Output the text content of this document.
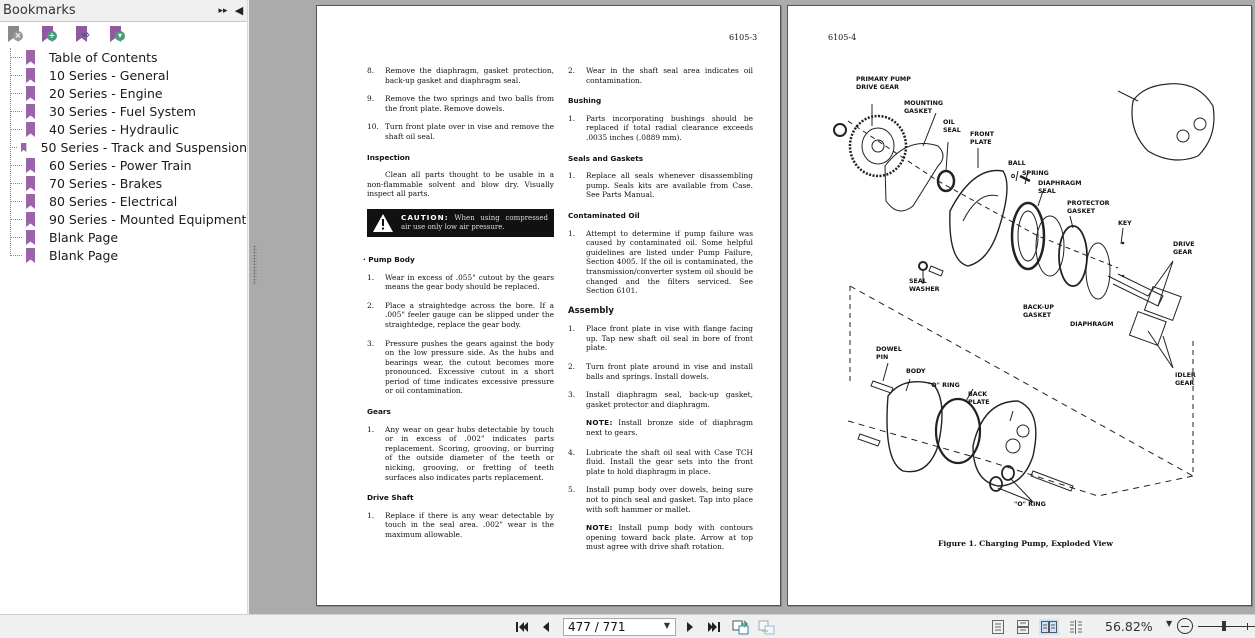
Bookmarks	▸▸ ◀
×	+	⇨	▾
Table of Contents
10 Series - General
20 Series - Engine
30 Series - Fuel System
40 Series - Hydraulic
50 Series - Track and Suspension
60 Series - Power Train
70 Series - Brakes
80 Series - Electrical
90 Series - Mounted Equipment
Blank Page
Blank Page
6105-3
8.	Remove the diaphragm, gasket protection, back-up gasket and diaphragm seal.
9.	Remove the two springs and two balls from the front plate. Remove dowels.
10. Turn front plate over in vise and remove the shaft oil seal.
Inspection
Clean all parts thought to be usable in a non-flammable solvent and blow dry. Visually inspect all parts.
CAUTION: When using compressed air use only low air pressure.
· Pump Body
1.	Wear in excess of .055" cutout by the gears means the gear body should be replaced.
2.	Place a straightedge across the bore. If a .005" feeler gauge can be slipped under the straightedge, replace the gear body.
3.	Pressure pushes the gears against the body on the low pressure side. As the hubs and bearings wear, the cutout becomes more pronounced. Excessive cutout in a short period of time indicates excessive pressure or oil contamination.
Gears
1.	Any wear on gear hubs detectable by touch or in excess of .002" indicates parts replacement. Scoring, grooving, or burring of the outside diameter of the teeth or nicking, grooving, or fretting of teeth surfaces also indicates parts replacement.
Drive Shaft
1.	Replace if there is any wear detectable by touch in the seal area. .002" wear is the maximum allowable.
2.	Wear in the shaft seal area indicates oil contamination.
Bushing
1.	Parts incorporating bushings should be replaced if total radial clearance exceeds .0035 inches (.0889 mm).
Seals and Gaskets
1.	Replace all seals whenever disassembling pump. Seals kits are available from Case. See Parts Manual.
Contaminated Oil
1.	Attempt to determine if pump failure was caused by contaminated oil. Some helpful guidelines are listed under Pump Failure, Section 4005. If the oil is contaminated, the transmission/converter system oil should be changed and the filters serviced. See Section 6101.
Assembly
1.	Place front plate in vise with flange facing up. Tap new shaft oil seal in bore of front plate.
2.	Turn front plate around in vise and install balls and springs. Install dowels.
3.	Install diaphragm seal, back-up gasket, gasket protector and diaphragm.
NOTE: Install bronze side of diaphragm next to gears.
4.	Lubricate the shaft oil seal with Case TCH fluid. Install the gear sets into the front plate to hold diaphragm in place.
5.	Install pump body over dowels, being sure not to pinch seal and gasket. Tap into place with soft hammer or mallet.
NOTE: Install pump body with contours opening toward back plate. Arrow at top must agree with drive shaft rotation.
6105-4
PRIMARY PUMP
DRIVE GEAR
MOUNTING
GASKET
OIL
SEAL
FRONT
PLATE
BALL
SPRING
DIAPHRAGM
SEAL
PROTECTOR
GASKET
KEY
DRIVE
GEAR
SEAL
WASHER
BACK-UP
GASKET
DIAPHRAGM
IDLER
GEAR
DOWEL
PIN
BODY
"O" RING
BACK
PLATE
"O" RING
Figure 1. Charging Pump, Exploded View
477 / 771	▼	56.82% ▼
